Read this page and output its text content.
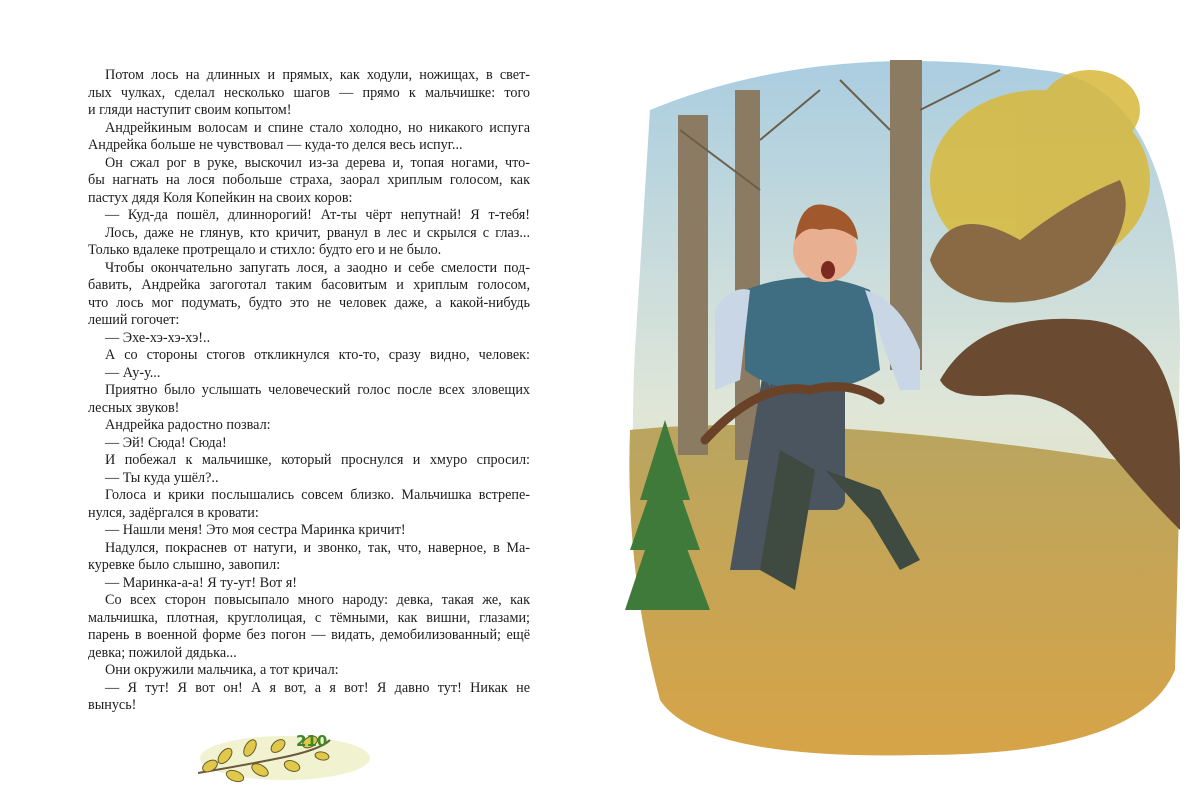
Потом лось на длинных и прямых, как ходули, ножищах, в свет-
лых чулках, сделал несколько шагов — прямо к мальчишке: того
и гляди наступит своим копытом!
Андрейкиным волосам и спине стало холодно, но никакого испуга
Андрейка больше не чувствовал — куда-то делся весь испуг...
Он сжал рог в руке, выскочил из-за дерева и, топая ногами, что-
бы нагнать на лося побольше страха, заорал хриплым голосом, как
пастух дядя Коля Копейкин на своих коров:
— Куд-да пошёл, длиннорогий! Ат-ты чёрт непутнай! Я т-тебя!
Лось, даже не глянув, кто кричит, рванул в лес и скрылся с глаз...
Только вдалеке протрещало и стихло: будто его и не было.
Чтобы окончательно запугать лося, а заодно и себе смелости под-
бавить, Андрейка загоготал таким басовитым и хриплым голосом,
что лось мог подумать, будто это не человек даже, а какой-нибудь
леший гогочет:
— Эхе-хэ-хэ-хэ!..
А со стороны стогов откликнулся кто-то, сразу видно, человек:
— Ау-у...
Приятно было услышать человеческий голос после всех зловещих
лесных звуков!
Андрейка радостно позвал:
— Эй! Сюда! Сюда!
И побежал к мальчишке, который проснулся и хмуро спросил:
— Ты куда ушёл?..
Голоса и крики послышались совсем близко. Мальчишка встрепе-
нулся, задёргался в кровати:
— Нашли меня! Это моя сестра Маринка кричит!
Надулся, покраснев от натуги, и звонко, так, что, наверное, в Ма-
куревке было слышно, завопил:
— Маринка-а-а! Я ту-ут! Вот я!
Со всех сторон повысыпало много народу: девка, такая же, как
мальчишка, плотная, круглолицая, с тёмными, как вишни, глазами;
парень в военной форме без погон — видать, демобилизованный; ещё
девка; пожилой дядька...
Они окружили мальчика, а тот кричал:
— Я тут! Я вот он! А я вот, а я вот! Я давно тут! Никак не
вынусь!
210
